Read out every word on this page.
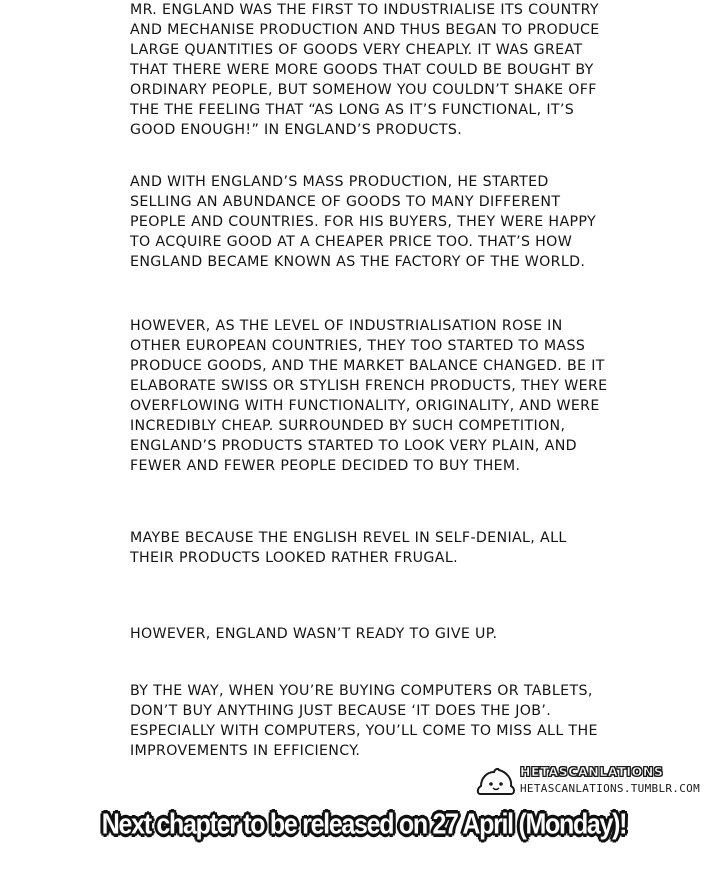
MR. ENGLAND WAS THE FIRST TO INDUSTRIALISE ITS COUNTRY
AND MECHANISE PRODUCTION AND THUS BEGAN TO PRODUCE
LARGE QUANTITIES OF GOODS VERY CHEAPLY. IT WAS GREAT
THAT THERE WERE MORE GOODS THAT COULD BE BOUGHT BY
ORDINARY PEOPLE, BUT SOMEHOW YOU COULDN’T SHAKE OFF
THE THE FEELING THAT “AS LONG AS IT’S FUNCTIONAL, IT’S
GOOD ENOUGH!” IN ENGLAND’S PRODUCTS.

AND WITH ENGLAND’S MASS PRODUCTION, HE STARTED
SELLING AN ABUNDANCE OF GOODS TO MANY DIFFERENT
PEOPLE AND COUNTRIES. FOR HIS BUYERS, THEY WERE HAPPY
TO ACQUIRE GOOD AT A CHEAPER PRICE TOO. THAT’S HOW
ENGLAND BECAME KNOWN AS THE FACTORY OF THE WORLD.

HOWEVER, AS THE LEVEL OF INDUSTRIALISATION ROSE IN
OTHER EUROPEAN COUNTRIES, THEY TOO STARTED TO MASS
PRODUCE GOODS, AND THE MARKET BALANCE CHANGED. BE IT
ELABORATE SWISS OR STYLISH FRENCH PRODUCTS, THEY WERE
OVERFLOWING WITH FUNCTIONALITY, ORIGINALITY, AND WERE
INCREDIBLY CHEAP. SURROUNDED BY SUCH COMPETITION,
ENGLAND’S PRODUCTS STARTED TO LOOK VERY PLAIN, AND
FEWER AND FEWER PEOPLE DECIDED TO BUY THEM.

MAYBE BECAUSE THE ENGLISH REVEL IN SELF-DENIAL, ALL
THEIR PRODUCTS LOOKED RATHER FRUGAL.

HOWEVER, ENGLAND WASN’T READY TO GIVE UP.

BY THE WAY, WHEN YOU’RE BUYING COMPUTERS OR TABLETS,
DON’T BUY ANYTHING JUST BECAUSE ‘IT DOES THE JOB’.
ESPECIALLY WITH COMPUTERS, YOU’LL COME TO MISS ALL THE
IMPROVEMENTS IN EFFICIENCY.

HETASCANLATIONS
HETASCANLATIONS.TUMBLR.COM
Next chapter to be released on 27 April (Monday)!
